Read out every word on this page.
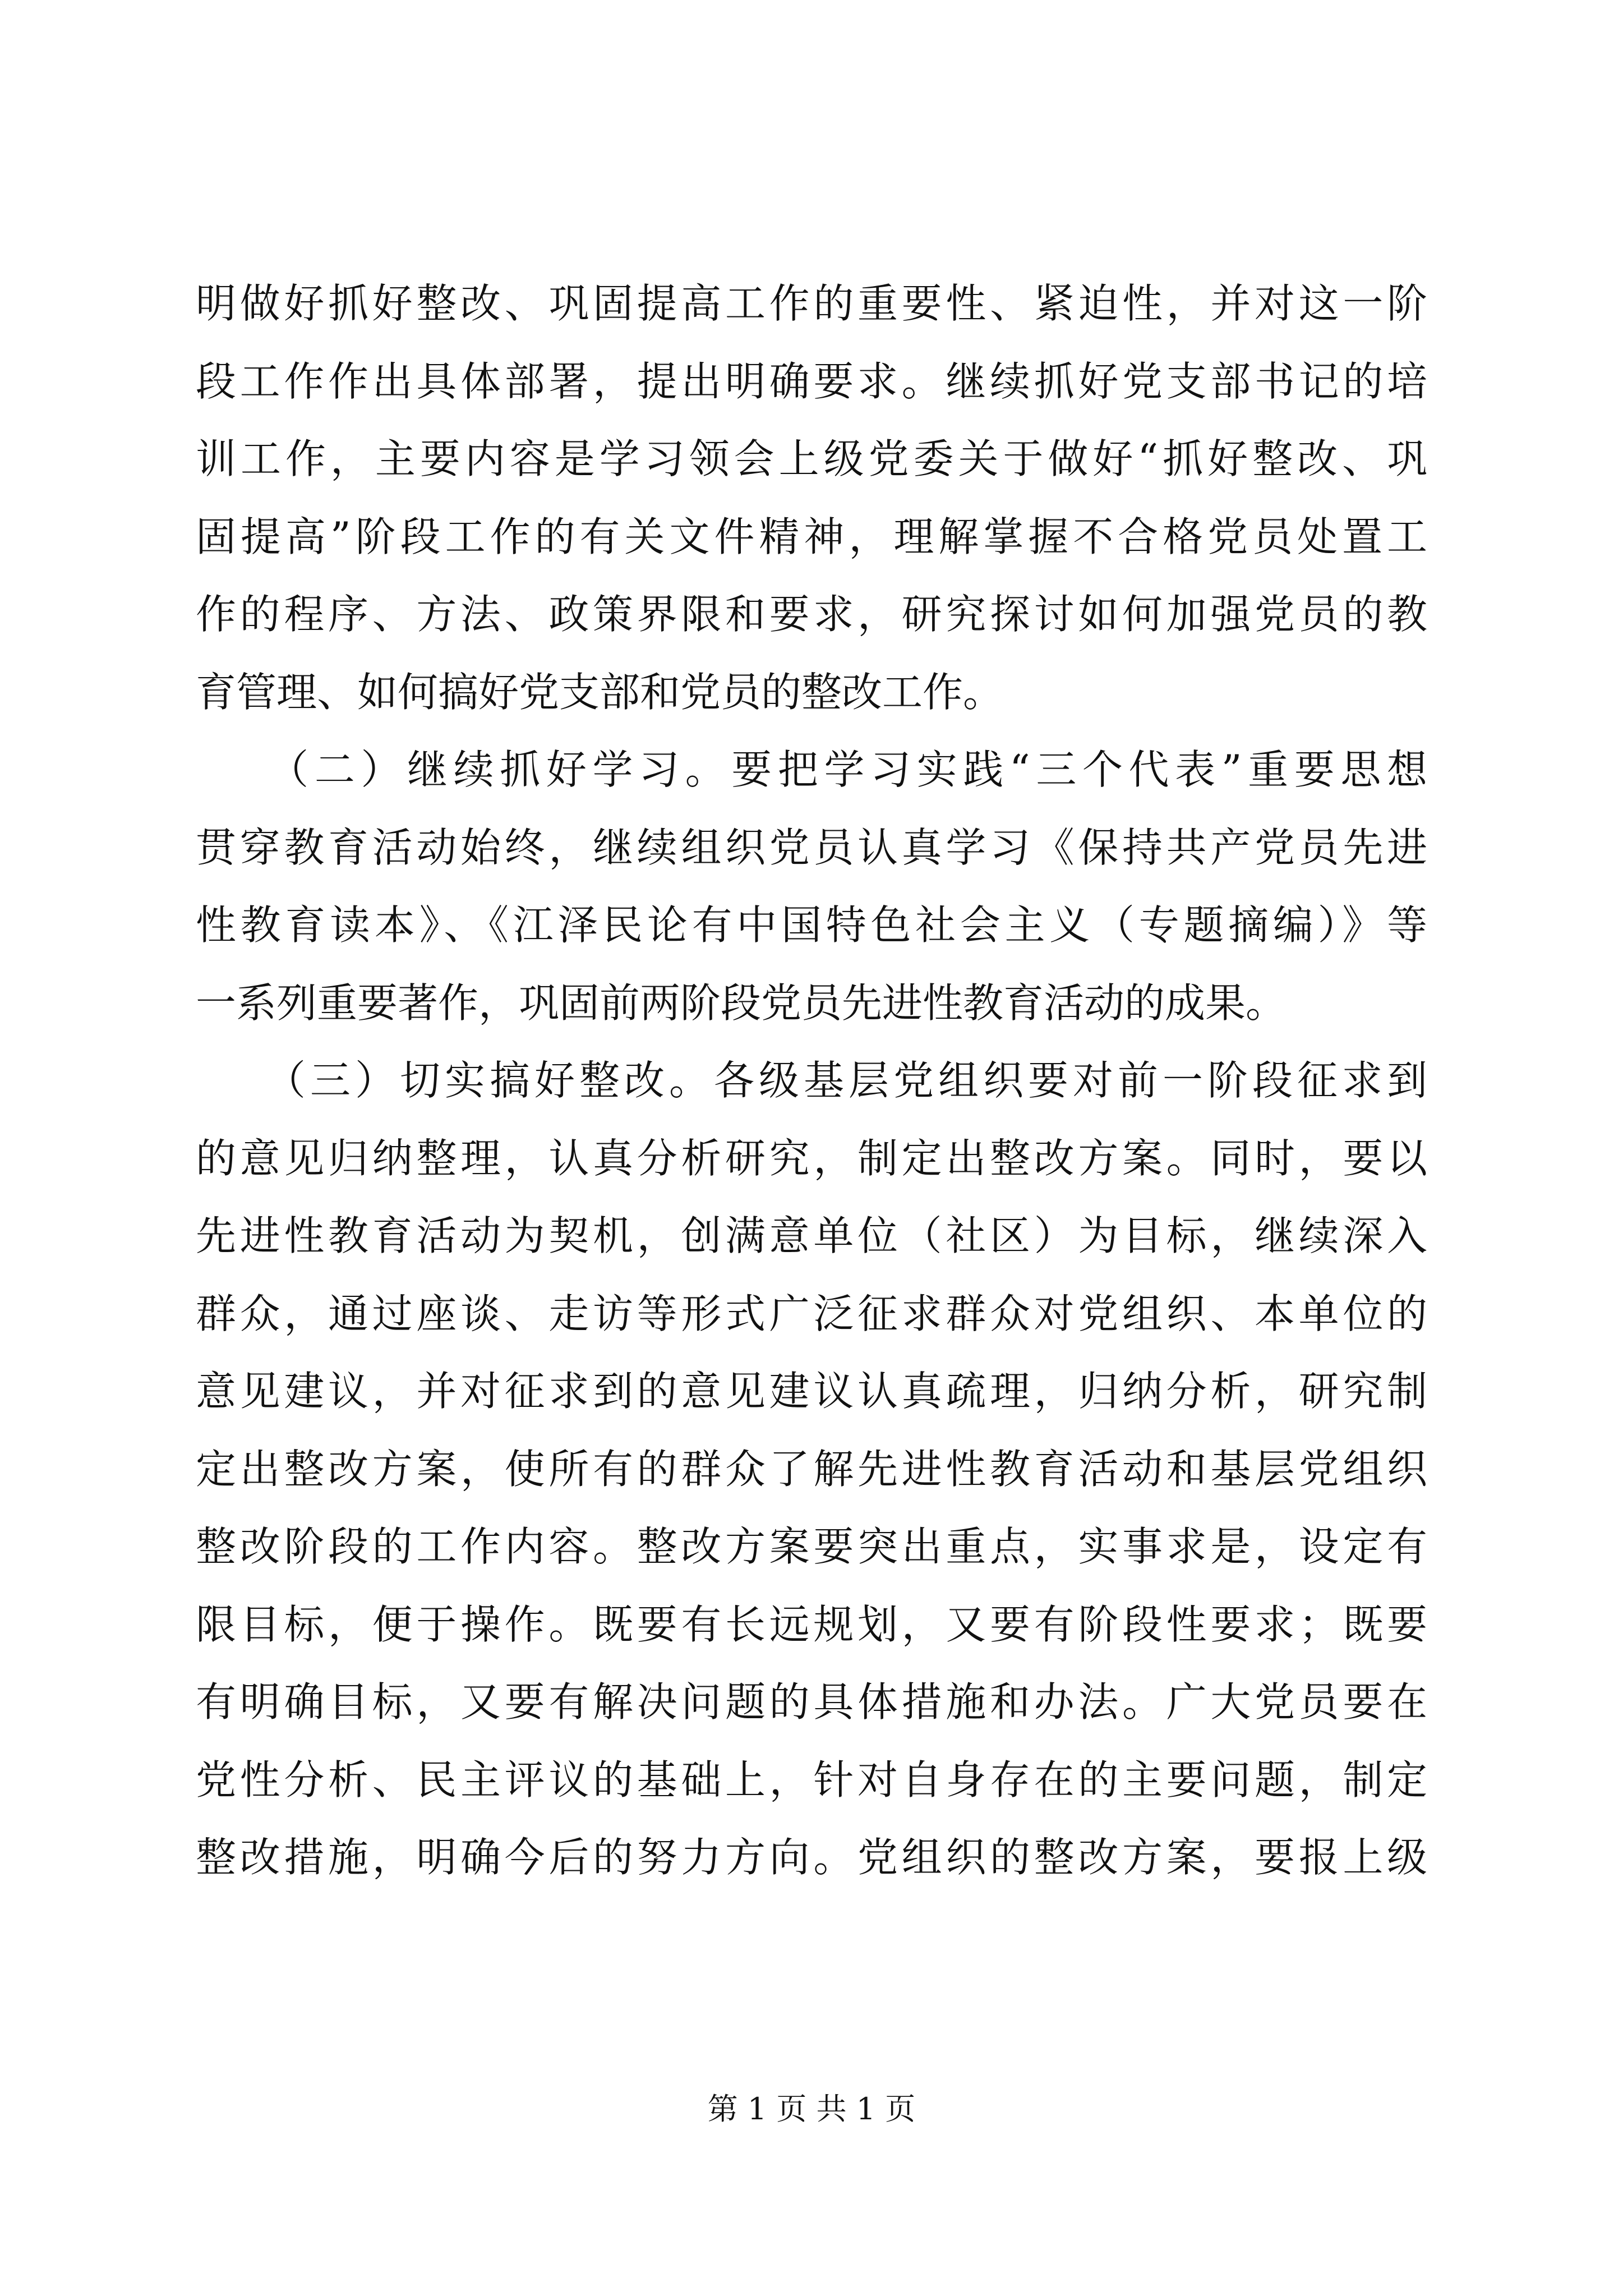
明做好抓好整改、巩固提高工作的重要性、紧迫性，并对这一阶
段工作作出具体部署，提出明确要求。继续抓好党支部书记的培
训工作，主要内容是学习领会上级党委关于做好“抓好整改、巩
固提高”阶段工作的有关文件精神，理解掌握不合格党员处置工
作的程序、方法、政策界限和要求，研究探讨如何加强党员的教
育管理、如何搞好党支部和党员的整改工作。
　　（二）继续抓好学习。要把学习实践“三个代表”重要思想
贯穿教育活动始终，继续组织党员认真学习《保持共产党员先进
性教育读本》、《江泽民论有中国特色社会主义（专题摘编）》等
一系列重要著作，巩固前两阶段党员先进性教育活动的成果。
　　（三）切实搞好整改。各级基层党组织要对前一阶段征求到
的意见归纳整理，认真分析研究，制定出整改方案。同时，要以
先进性教育活动为契机，创满意单位（社区）为目标，继续深入
群众，通过座谈、走访等形式广泛征求群众对党组织、本单位的
意见建议，并对征求到的意见建议认真疏理，归纳分析，研究制
定出整改方案，使所有的群众了解先进性教育活动和基层党组织
整改阶段的工作内容。整改方案要突出重点，实事求是，设定有
限目标，便于操作。既要有长远规划，又要有阶段性要求；既要
有明确目标，又要有解决问题的具体措施和办法。广大党员要在
党性分析、民主评议的基础上，针对自身存在的主要问题，制定
整改措施，明确今后的努力方向。党组织的整改方案，要报上级
第 1 页 共 1 页
